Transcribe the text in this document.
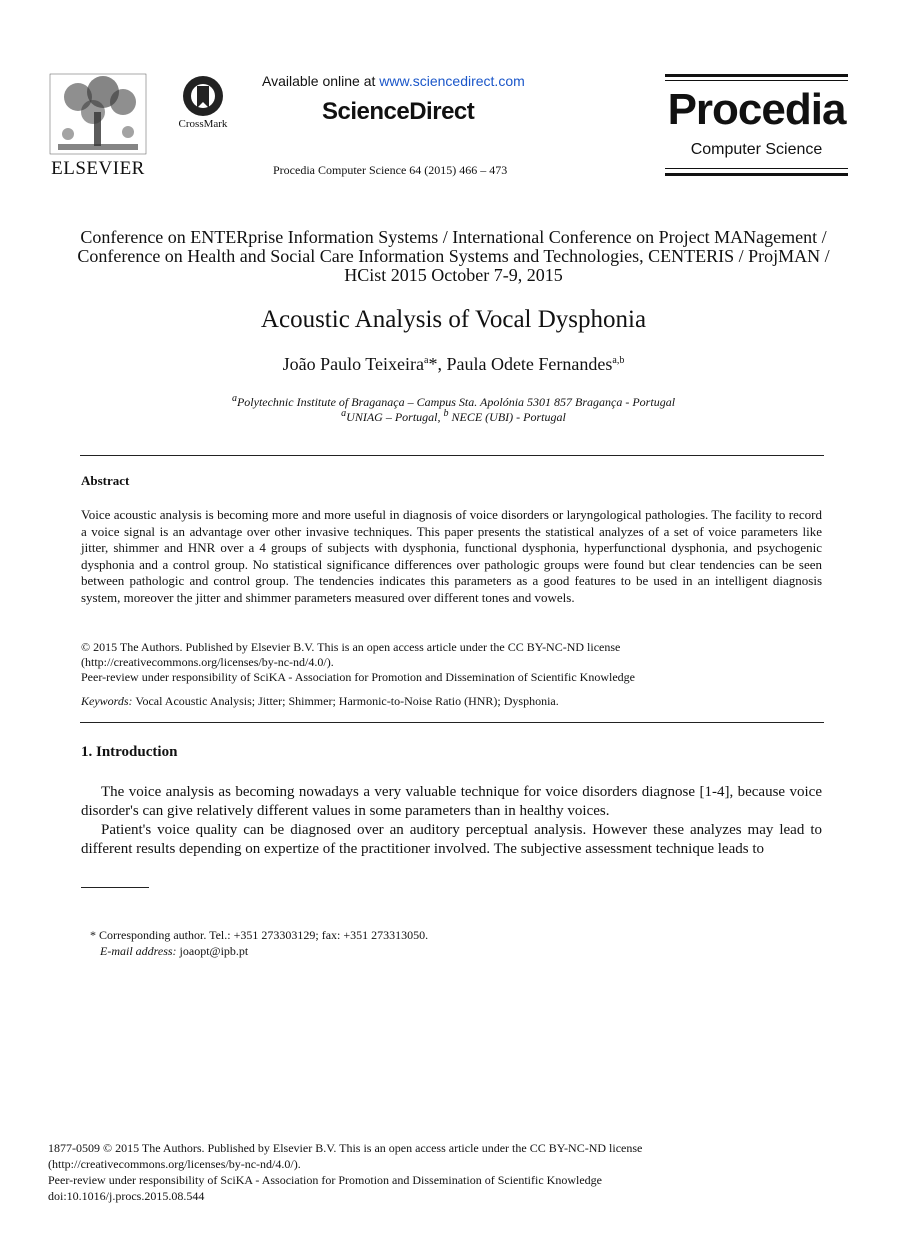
ELSEVIER
CrossMark
Available online at www.sciencedirect.com
ScienceDirect
Procedia Computer Science 64 (2015) 466 – 473
Procedia
Computer Science
Conference on ENTERprise Information Systems / International Conference on Project MANagement / Conference on Health and Social Care Information Systems and Technologies, CENTERIS / ProjMAN / HCist 2015 October 7-9, 2015
Acoustic Analysis of Vocal Dysphonia
João Paulo Teixeira$^a$*, Paula Odete Fernandes$^{a,b}$
$^a$Polytechnic Institute of Braganaça – Campus Sta. Apolónia 5301 857 Bragança - Portugal
$^a$UNIAG – Portugal, $^b$ NECE (UBI) - Portugal
Abstract
Voice acoustic analysis is becoming more and more useful in diagnosis of voice disorders or laryngological pathologies. The facility to record a voice signal is an advantage over other invasive techniques. This paper presents the statistical analyzes of a set of voice parameters like jitter, shimmer and HNR over a 4 groups of subjects with dysphonia, functional dysphonia, hyperfunctional dysphonia, and psychogenic dysphonia and a control group. No statistical significance differences over pathologic groups were found but clear tendencies can be seen between pathologic and control group. The tendencies indicates this parameters as a good features to be used in an intelligent diagnosis system, moreover the jitter and shimmer parameters measured over different tones and vowels.
© 2015 The Authors. Published by Elsevier B.V. This is an open access article under the CC BY-NC-ND license
(http://creativecommons.org/licenses/by-nc-nd/4.0/).
Peer-review under responsibility of SciKA - Association for Promotion and Dissemination of Scientific Knowledge
Keywords: Vocal Acoustic Analysis; Jitter; Shimmer; Harmonic-to-Noise Ratio (HNR); Dysphonia.
1. Introduction

The voice analysis as becoming nowadays a very valuable technique for voice disorders diagnose [1-4], because voice disorder's can give relatively different values in some parameters than in healthy voices.

Patient's voice quality can be diagnosed over an auditory perceptual analysis. However these analyzes may lead to different results depending on expertize of the practitioner involved. The subjective assessment technique leads to

* Corresponding author. Tel.: +351 273303129; fax: +351 273313050.
E-mail address: joaopt@ipb.pt
1877-0509 © 2015 The Authors. Published by Elsevier B.V. This is an open access article under the CC BY-NC-ND license
(http://creativecommons.org/licenses/by-nc-nd/4.0/).
Peer-review under responsibility of SciKA - Association for Promotion and Dissemination of Scientific Knowledge
doi:10.1016/j.procs.2015.08.544
